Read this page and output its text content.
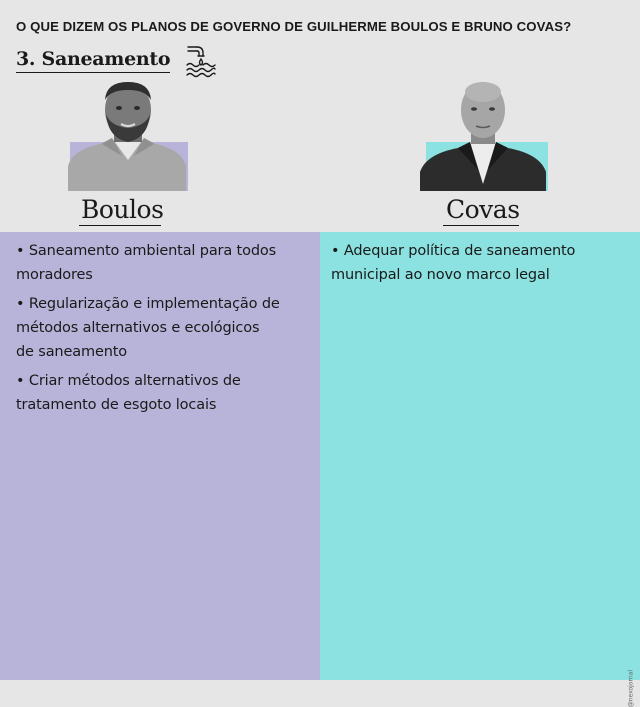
O QUE DIZEM OS PLANOS DE GOVERNO DE GUILHERME BOULOS E BRUNO COVAS?
3. Saneamento
Boulos	Covas
• Saneamento ambiental para todos
moradores
• Regularização e implementação de
métodos alternativos e ecológicos
de saneamento
• Criar métodos alternativos de
tratamento de esgoto locais
• Adequar política de saneamento
municipal ao novo marco legal
@nexojornal
